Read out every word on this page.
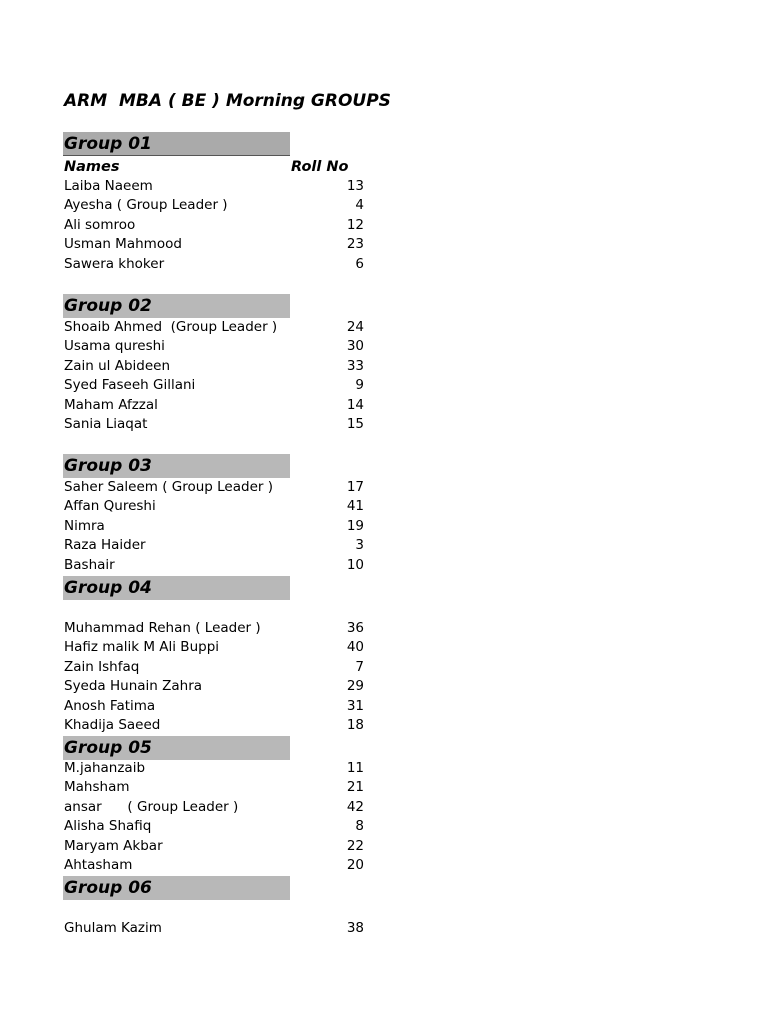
ARM  MBA ( BE ) Morning GROUPS
Group 01
Names	Roll No
Laiba Naeem	13
Ayesha ( Group Leader )	4
Ali somroo	12
Usman Mahmood	23
Sawera khoker	6
Group 02
Shoaib Ahmed  (Group Leader )	24
Usama qureshi	30
Zain ul Abideen	33
Syed Faseeh Gillani	9
Maham Afzzal	14
Sania Liaqat	15
Group 03
Saher Saleem ( Group Leader )	17
Affan Qureshi	41
Nimra	19
Raza Haider	3
Bashair	10
Group 04
Muhammad Rehan ( Leader )	36
Hafiz malik M Ali Buppi	40
Zain Ishfaq	7
Syeda Hunain Zahra	29
Anosh Fatima	31
Khadija Saeed	18
Group 05
M.jahanzaib	11
Mahsham	21
ansar      ( Group Leader )	42
Alisha Shafiq	8
Maryam Akbar	22
Ahtasham	20
Group 06
Ghulam Kazim	38
